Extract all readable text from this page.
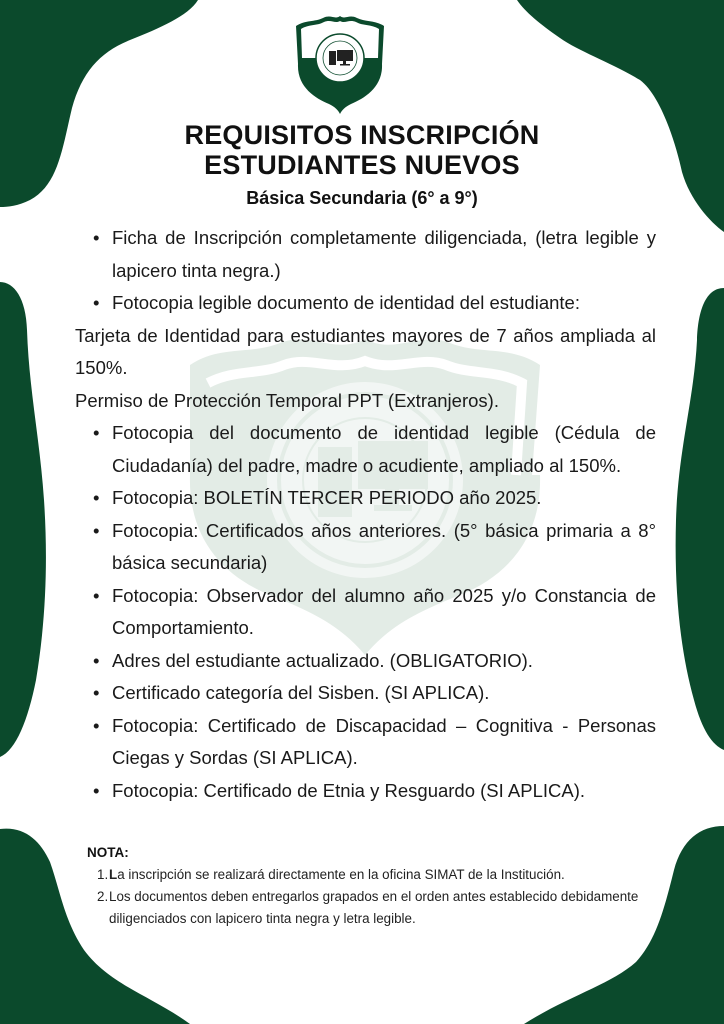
REQUISITOS INSCRIPCIÓN
ESTUDIANTES NUEVOS
Básica Secundaria (6° a 9°)
• Ficha de Inscripción completamente diligenciada, (letra legible y lapicero tinta negra.)
• Fotocopia legible documento de identidad del estudiante:
Tarjeta de Identidad para estudiantes mayores de 7 años ampliada al 150%.
Permiso de Protección Temporal PPT (Extranjeros).
• Fotocopia del documento de identidad legible (Cédula de Ciudadanía) del padre, madre o acudiente, ampliado al 150%.
• Fotocopia: BOLETÍN TERCER PERIODO año 2025.
• Fotocopia: Certificados años anteriores. (5° básica primaria a 8° básica secundaria)
• Fotocopia: Observador del alumno año 2025 y/o Constancia de Comportamiento.
• Adres del estudiante actualizado. (OBLIGATORIO).
• Certificado categoría del Sisben. (SI APLICA).
• Fotocopia: Certificado de Discapacidad – Cognitiva - Personas Ciegas y Sordas (SI APLICA).
• Fotocopia: Certificado de Etnia y Resguardo (SI APLICA).
NOTA:
1. La inscripción se realizará directamente en la oficina SIMAT de la Institución.
2. Los documentos deben entregarlos grapados en el orden antes establecido debidamente diligenciados con lapicero tinta negra y letra legible.
